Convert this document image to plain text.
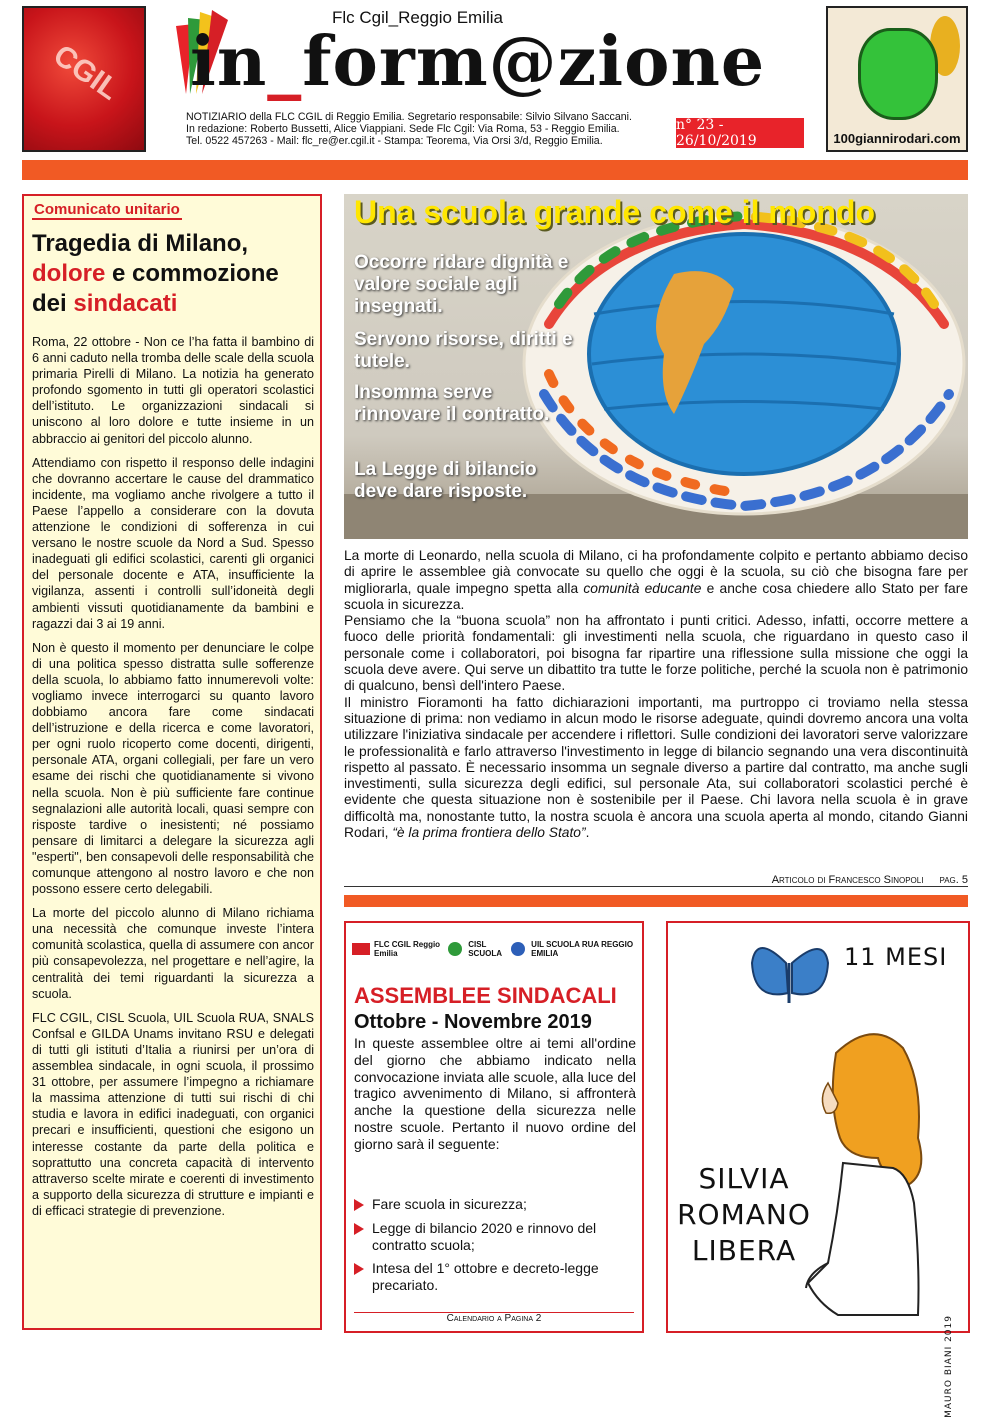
CGIL
Flc Cgil_Reggio Emilia
in_form@zione
NOTIZIARIO della FLC CGIL di Reggio Emilia. Segretario responsabile: Silvio Silvano Saccani.
In redazione: Roberto Bussetti, Alice Viappiani. Sede Flc Cgil: Via Roma, 53 - Reggio Emilia.
Tel. 0522 457263 - Mail: flc_re@er.cgil.it - Stampa: Teorema, Via Orsi 3/d, Reggio Emilia.
n° 23 - 26/10/2019	100giannirodari.com
Comunicato unitario
Tragedia di Milano,
dolore e commozione
dei sindacati

Roma, 22 ottobre - Non ce l’ha fatta il bambino di 6 anni caduto nella tromba delle scale della scuola primaria Pirelli di Milano. La notizia ha generato profondo sgomento in tutti gli operatori scolastici dell’istituto. Le organizzazioni sindacali si uniscono al loro dolore e tutte insieme in un abbraccio ai genitori del piccolo alunno.

Attendiamo con rispetto il responso delle indagini che dovranno accertare le cause del drammatico incidente, ma vogliamo anche rivolgere a tutto il Paese l’appello a considerare con la dovuta attenzione le condizioni di sofferenza in cui versano le nostre scuole da Nord a Sud. Spesso inadeguati gli edifici scolastici, carenti gli organici del personale docente e ATA, insufficiente la vigilanza, assenti i controlli sull’idoneità degli ambienti vissuti quotidianamente da bambini e ragazzi dai 3 ai 19 anni.

Non è questo il momento per denunciare le colpe di una politica spesso distratta sulle sofferenze della scuola, lo abbiamo fatto innumerevoli volte: vogliamo invece interrogarci su quanto lavoro dobbiamo ancora fare come sindacati dell’istruzione e della ricerca e come lavoratori, per ogni ruolo ricoperto come docenti, dirigenti, personale ATA, organi collegiali, per fare un vero esame dei rischi che quotidianamente si vivono nella scuola. Non è più sufficiente fare continue segnalazioni alle autorità locali, quasi sempre con risposte tardive o inesistenti; né possiamo pensare di limitarci a delegare la sicurezza agli "esperti", ben consapevoli delle responsabilità che comunque attengono al nostro lavoro e che non possono essere certo delegabili.

La morte del piccolo alunno di Milano richiama una necessità che comunque investe l’intera comunità scolastica, quella di assumere con ancor più consapevolezza, nel progettare e nell’agire, la centralità dei temi riguardanti la sicurezza a scuola.

FLC CGIL, CISL Scuola, UIL Scuola RUA, SNALS Confsal e GILDA Unams invitano RSU e delegati di tutti gli istituti d’Italia a riunirsi per un’ora di assemblea sindacale, in ogni scuola, il prossimo 31 ottobre, per assumere l’impegno a richiamare la massima attenzione di tutti sui rischi di chi studia e lavora in edifici inadeguati, con organici precari e insufficienti, questioni che esigono un interesse costante da parte della politica e soprattutto una concreta capacità di intervento attraverso scelte mirate e coerenti di investimento a supporto della sicurezza di strutture e impianti e di efficaci strategie di prevenzione.

Una scuola grande come il mondo
Occorre ridare dignità e valore sociale agli insegnati.
Servono risorse, diritti e tutele.
Insomma serve rinnovare il contratto.
La Legge di bilancio deve dare risposte.

La morte di Leonardo, nella scuola di Milano, ci ha profondamente colpito e pertanto abbiamo deciso di aprire le assemblee già convocate su quello che oggi è la scuola, su ciò che bisogna fare per migliorarla, quale impegno spetta alla comunità educante e anche cosa chiedere allo Stato per fare scuola in sicurezza.

Pensiamo che la “buona scuola” non ha affrontato i punti critici. Adesso, infatti, occorre mettere a fuoco delle priorità fondamentali: gli investimenti nella scuola, che riguardano in questo caso il personale come i collaboratori, poi bisogna far ripartire una riflessione sulla missione che oggi la scuola deve avere. Qui serve un dibattito tra tutte le forze politiche, perché la scuola non è patrimonio di qualcuno, bensì dell'intero Paese.

Il ministro Fioramonti ha fatto dichiarazioni importanti, ma purtroppo ci troviamo nella stessa situazione di prima: non vediamo in alcun modo le risorse adeguate, quindi dovremo ancora una volta utilizzare l'iniziativa sindacale per accendere i riflettori. Sulle condizioni dei lavoratori serve valorizzare le professionalità e farlo attraverso l'investimento in legge di bilancio segnando una vera discontinuità rispetto al passato. È necessario insomma un segnale diverso a partire dal contratto, ma anche sugli investimenti, sulla sicurezza degli edifici, sul personale Ata, sui collaboratori scolastici perché è evidente che questa situazione non è sostenibile per il Paese. Chi lavora nella scuola è in grave difficoltà ma, nonostante tutto, la nostra scuola è ancora una scuola aperta al mondo, citando Gianni Rodari, “è la prima frontiera dello Stato”.

Articolo di Francesco Sinopoli pag. 5
FLC CGIL Reggio Emilia
CISL SCUOLA
UIL SCUOLA RUA REGGIO EMILIA
ASSEMBLEE SINDACALI
Ottobre - Novembre 2019
In queste assemblee oltre ai temi all'ordine del giorno che abbiamo indicato nella convocazione inviata alle scuole, alla luce del tragico avvenimento di Milano, si affronterà anche la questione della sicurezza nelle nostre scuole. Pertanto il nuovo ordine del giorno sarà il seguente:
Fare scuola in sicurezza;
Legge di bilancio 2020 e rinnovo del contratto scuola;
Intesa del 1° ottobre e decreto-legge precariato.
Calendario a Pagina 2
11 MESI
SILVIA
ROMANO
LIBERA
MAURO BIANI 2019
